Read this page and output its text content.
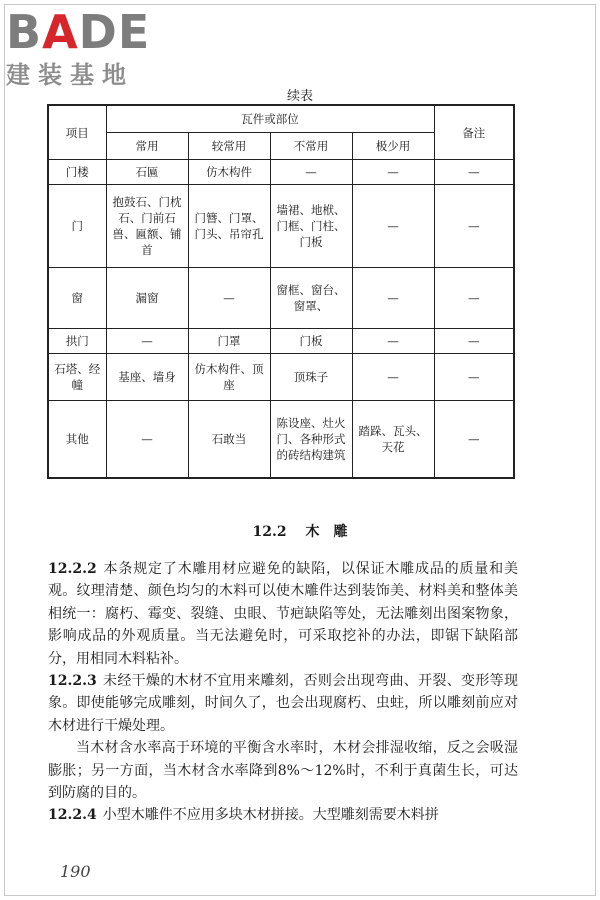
BADE
建装基地
续表
项目	瓦件或部位				备注
	常用	较常用	不常用	极少用	
门楼	石匾	仿木构件	—	—	—
门	抱鼓石、门枕石、门前石兽、匾额、铺首	门簪、门罩、门头、吊帘孔	墙裙、地栿、门框、门柱、门板	—	—
窗	漏窗	—	窗框、窗台、窗罩、	—	—
拱门	—	门罩	门板	—	—
石塔、经幢	基座、墙身	仿木构件、顶座	顶珠子	—	—
其他	—	石敢当	陈设座、灶火门、各种形式的砖结构建筑	踏跺、瓦头、天花	—
12.2 木　雕

12.2.2 本条规定了木雕用材应避免的缺陷，以保证木雕成品的质量和美观。纹理清楚、颜色均匀的木料可以使木雕件达到装饰美、材料美和整体美相统一：腐朽、霉变、裂缝、虫眼、节疤缺陷等处，无法雕刻出图案物象，影响成品的外观质量。当无法避免时，可采取挖补的办法，即锯下缺陷部分，用相同木料粘补。

12.2.3 未经干燥的木材不宜用来雕刻，否则会出现弯曲、开裂、变形等现象。即使能够完成雕刻，时间久了，也会出现腐朽、虫蛀，所以雕刻前应对木材进行干燥处理。

当木材含水率高于环境的平衡含水率时，木材会排湿收缩，反之会吸湿膨胀；另一方面，当木材含水率降到8%～12%时，不利于真菌生长，可达到防腐的目的。

12.2.4 小型木雕件不应用多块木材拼接。大型雕刻需要木料拼

190
